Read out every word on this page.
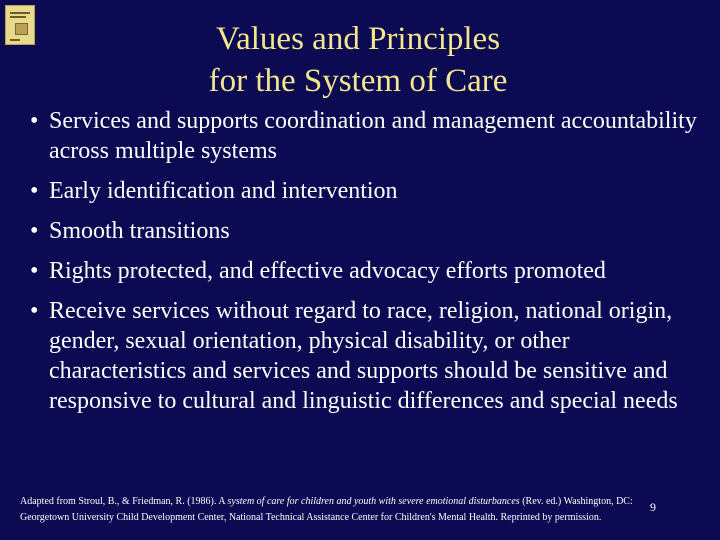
Values and Principles
for the System of Care
• Services and supports coordination and management accountability across multiple systems
• Early identification and intervention
• Smooth transitions
• Rights protected, and effective advocacy efforts promoted
• Receive services without regard to race, religion, national origin, gender, sexual orientation, physical disability, or other characteristics and services and supports should be sensitive and responsive to cultural and linguistic differences and special needs
Adapted from Stroul, B., & Friedman, R. (1986). A system of care for children and youth with severe emotional disturbances (Rev. ed.) Washington, DC: Georgetown University Child Development Center, National Technical Assistance Center for Children's Mental Health. Reprinted by permission.
9
